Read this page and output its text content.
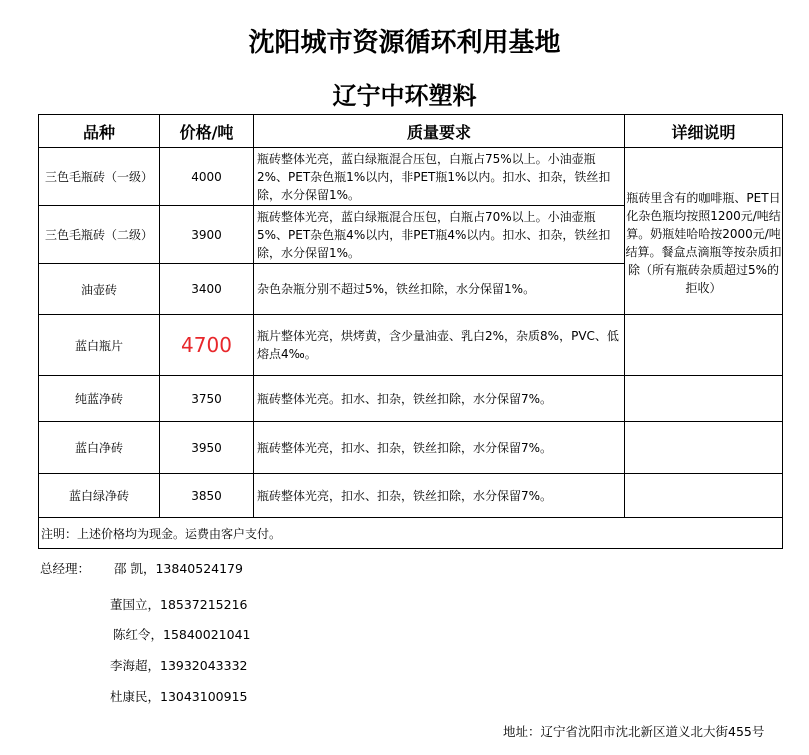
沈阳城市资源循环利用基地
辽宁中环塑料
品种	价格/吨	质量要求	详细说明
三色毛瓶砖（一级）	4000	瓶砖整体光亮，蓝白绿瓶混合压包，白瓶占75%以上。小油壶瓶2%、PET杂色瓶1%以内，非PET瓶1%以内。扣水、扣杂，铁丝扣除，水分保留1%。	瓶砖里含有的咖啡瓶、PET日化杂色瓶均按照1200元/吨结算。奶瓶娃哈哈按2000元/吨结算。餐盒点滴瓶等按杂质扣除（所有瓶砖杂质超过5%的拒收）
三色毛瓶砖（二级）	3900	瓶砖整体光亮，蓝白绿瓶混合压包，白瓶占70%以上。小油壶瓶5%、PET杂色瓶4%以内，非PET瓶4%以内。扣水、扣杂，铁丝扣除，水分保留1%。	
油壶砖	3400	杂色杂瓶分别不超过5%，铁丝扣除，水分保留1%。	
蓝白瓶片	4700	瓶片整体光亮，烘烤黄，含少量油壶、乳白2%，杂质8%，PVC、低熔点4‰。	
纯蓝净砖	3750	瓶砖整体光亮。扣水、扣杂，铁丝扣除，水分保留7%。	
蓝白净砖	3950	瓶砖整体光亮，扣水、扣杂，铁丝扣除，水分保留7%。	
蓝白绿净砖	3850	瓶砖整体光亮，扣水、扣杂，铁丝扣除，水分保留7%。	
注明：上述价格均为现金。运费由客户支付。			
总经理： 邵 凯，13840524179
董国立，18537215216
陈红令，15840021041
李海超，13932043332
杜康民，13043100915
地址：辽宁省沈阳市沈北新区道义北大街455号
